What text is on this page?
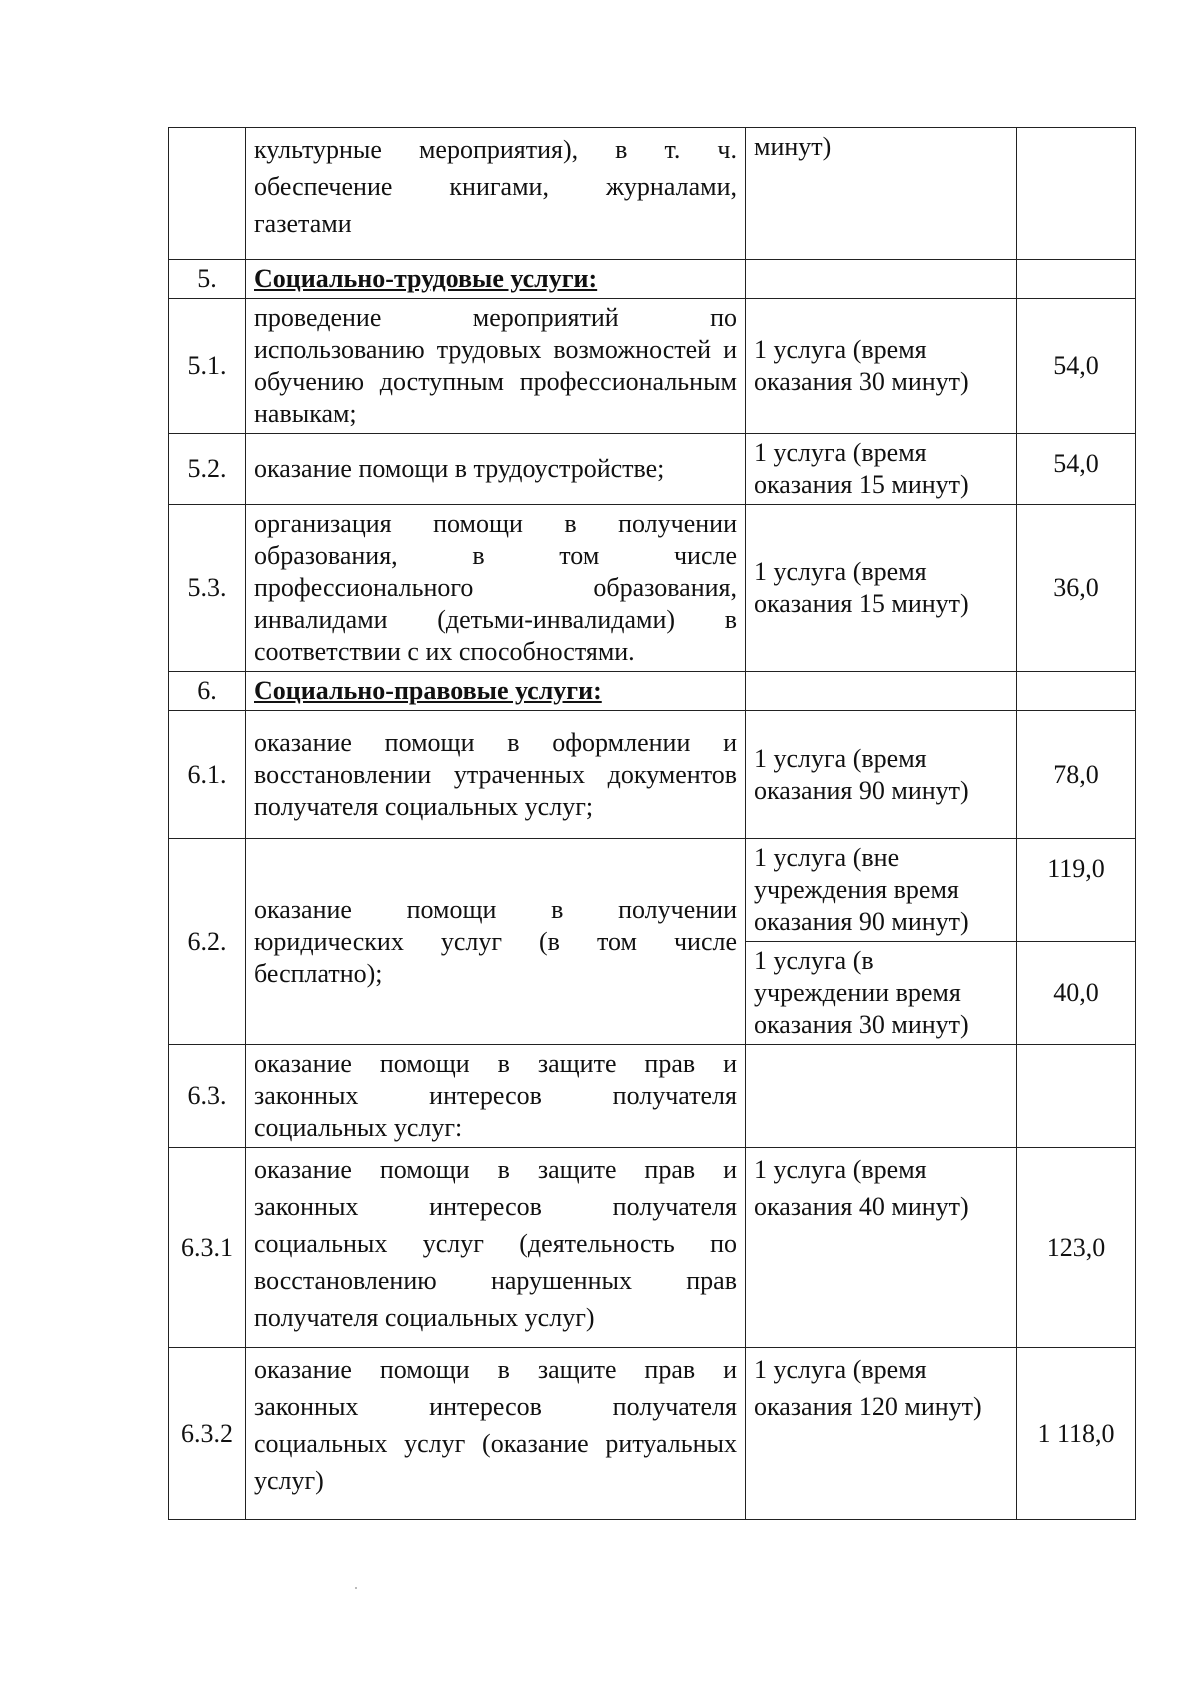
	культурные мероприятия), в т. ч. обеспечение книгами, журналами, газетами	минут)	
5.	Социально-трудовые услуги:		
5.1.	проведение мероприятий по использованию трудовых возможностей и обучению доступным профессиональным навыкам;	1 услуга (время оказания 30 минут)	54,0
5.2.	оказание помощи в трудоустройстве;	1 услуга (время оказания 15 минут)	54,0
5.3.	организация помощи в получении образования, в том числе профессионального образования, инвалидами (детьми-инвалидами) в соответствии с их способностями.	1 услуга (время оказания 15 минут)	36,0
6.	Социально-правовые услуги:		
6.1.	оказание помощи в оформлении и восстановлении утраченных документов получателя социальных услуг;	1 услуга (время оказания 90 минут)	78,0
6.2.	оказание помощи в получении юридических услуг (в том числе бесплатно);	1 услуга (вне учреждения время оказания 90 минут)	119,0
		1 услуга (в учреждении время оказания 30 минут)	40,0
6.3.	оказание помощи в защите прав и законных интересов получателя социальных услуг:		
6.3.1	оказание помощи в защите прав и законных интересов получателя социальных услуг (деятельность по восстановлению нарушенных прав получателя социальных услуг)	1 услуга (время оказания 40 минут)	123,0
6.3.2	оказание помощи в защите прав и законных интересов получателя социальных услуг (оказание ритуальных услуг)	1 услуга (время оказания 120 минут)	1 118,0
